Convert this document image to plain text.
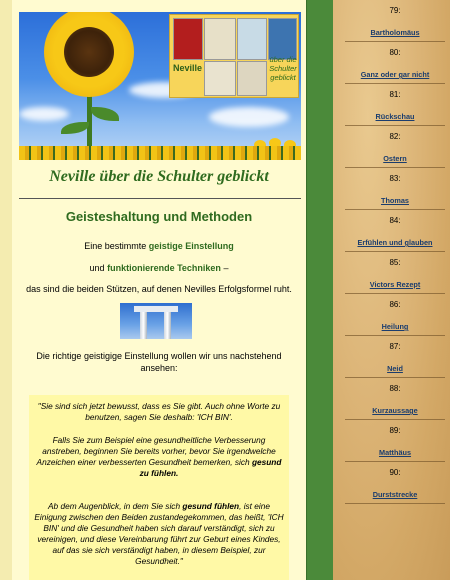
Neville
über die Schulter geblickt
Neville über die Schulter geblickt
Geisteshaltung und Methoden
Eine bestimmte geistige Einstellung
und funktionierende Techniken –
das sind die beiden Stützen, auf denen Nevilles Erfolgsformel ruht.
Die richtige geistigige Einstellung wollen wir uns nachstehend ansehen:
"Sie sind sich jetzt bewusst, dass es Sie gibt. Auch ohne Worte zu benutzen, sagen Sie deshalb: 'ICH BIN'.
Falls Sie zum Beispiel eine gesundheitliche Verbesserung anstreben, beginnen Sie bereits vorher, bevor Sie irgendwelche Anzeichen einer verbesserten Gesundheit bemerken, sich gesund zu fühlen.
Ab dem Augenblick, in dem Sie sich gesund fühlen, ist eine Einigung zwischen den Beiden zustandegekommen, das heißt, 'ICH BIN' und die Gesundheit haben sich darauf verständigt, sich zu vereinigen, und diese Vereinbarung führt zur Geburt eines Kindes, auf das sie sich verständigt haben, in diesem Beispiel, zur Gesundheit."
79:
Bartholomäus
80:
Ganz oder gar nicht
81:
Rückschau
82:
Ostern
83:
Thomas
84:
Erfühlen und glauben
85:
Victors Rezept
86:
Heilung
87:
Neid
88:
Kurzaussage
89:
Matthäus
90:
Durststrecke
